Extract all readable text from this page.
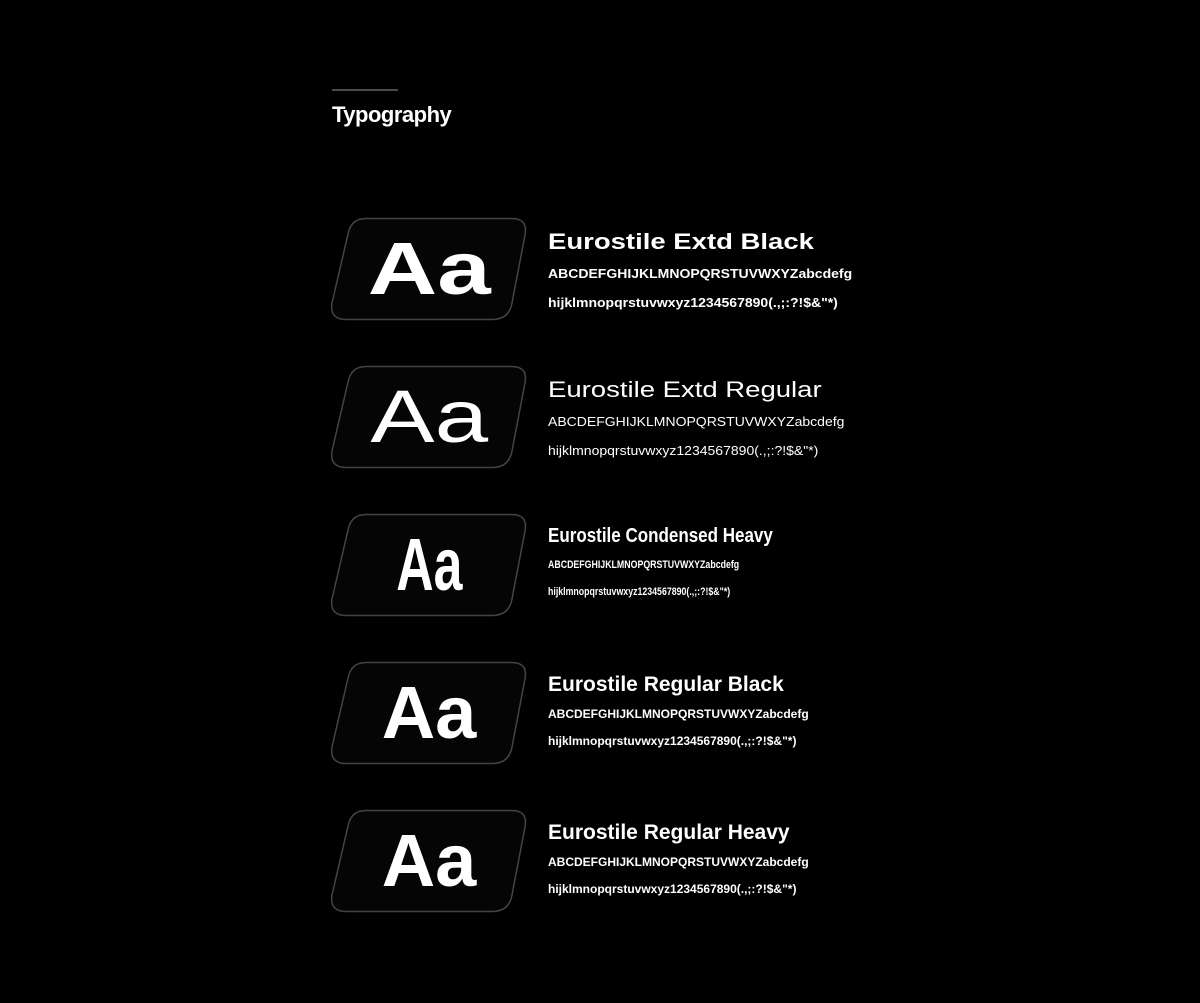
Typography
Aa	Eurostile Extd Black
ABCDEFGHIJKLMNOPQRSTUVWXYZabcdefg
hijklmnopqrstuvwxyz1234567890(.,;:?!$&"*)
Aa	Eurostile Extd Regular
ABCDEFGHIJKLMNOPQRSTUVWXYZabcdefg
hijklmnopqrstuvwxyz1234567890(.,;:?!$&"*)
Aa	Eurostile Condensed Heavy
ABCDEFGHIJKLMNOPQRSTUVWXYZabcdefg
hijklmnopqrstuvwxyz1234567890(.,;:?!$&"*)
Aa	Eurostile Regular Black
ABCDEFGHIJKLMNOPQRSTUVWXYZabcdefg
hijklmnopqrstuvwxyz1234567890(.,;:?!$&"*)
Aa	Eurostile Regular Heavy
ABCDEFGHIJKLMNOPQRSTUVWXYZabcdefg
hijklmnopqrstuvwxyz1234567890(.,;:?!$&"*)
